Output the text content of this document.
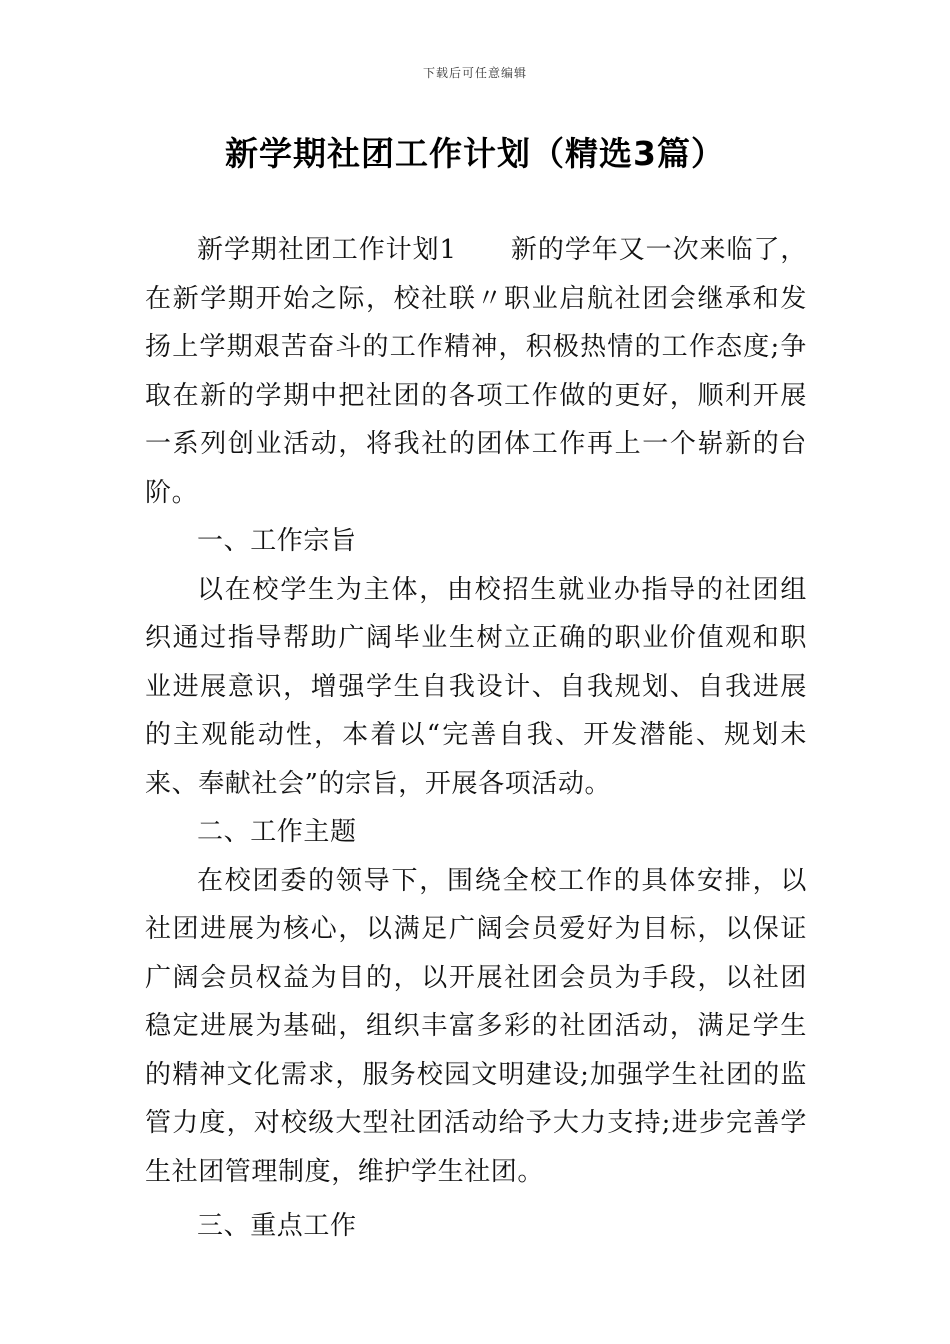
下载后可任意编辑
新学期社团工作计划（精选3篇）

新学期社团工作计划1　　新的学年又一次来临了，在新学期开始之际，校社联〃职业启航社团会继承和发扬上学期艰苦奋斗的工作精神，积极热情的工作态度;争取在新的学期中把社团的各项工作做的更好，顺利开展一系列创业活动，将我社的团体工作再上一个崭新的台阶。

一、工作宗旨

以在校学生为主体，由校招生就业办指导的社团组织通过指导帮助广阔毕业生树立正确的职业价值观和职业进展意识，增强学生自我设计、自我规划、自我进展的主观能动性，本着以“完善自我、开发潜能、规划未来、奉献社会”的宗旨，开展各项活动。

二、工作主题

在校团委的领导下，围绕全校工作的具体安排，以社团进展为核心，以满足广阔会员爱好为目标，以保证广阔会员权益为目的，以开展社团会员为手段，以社团稳定进展为基础，组织丰富多彩的社团活动，满足学生的精神文化需求，服务校园文明建设;加强学生社团的监管力度，对校级大型社团活动给予大力支持;进步完善学生社团管理制度，维护学生社团。

三、重点工作
